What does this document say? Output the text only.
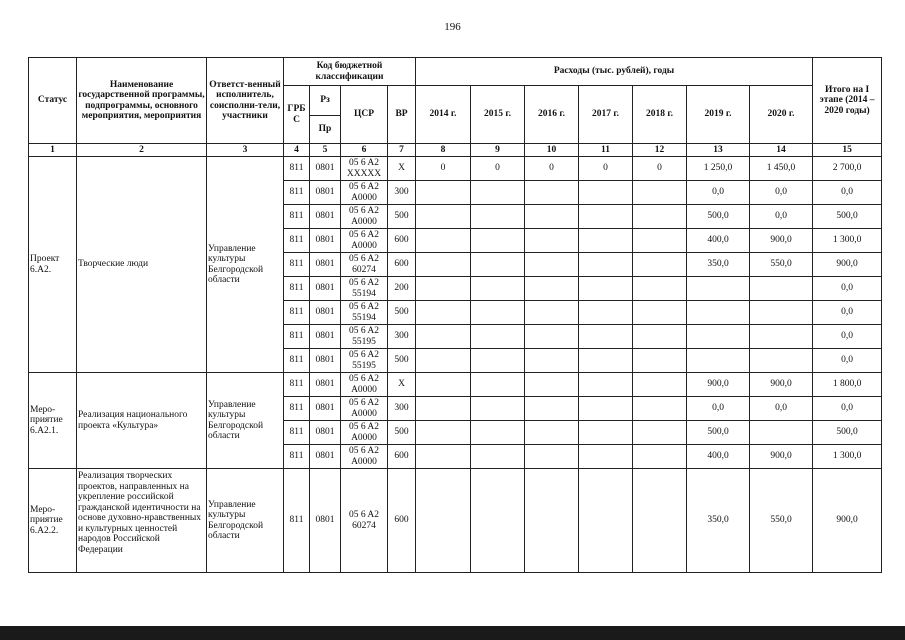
196
Статус	Наименование государственной программы, подпрограммы, основного мероприятия, мероприятия	Ответст-венный исполнитель, соисполни-тели, участники	Код бюджетной классификации				Расходы (тыс. рублей), годы							Итого на I этапе (2014 – 2020 годы)
			ГРБ С	Рз	ЦСР	ВР	2014 г.	2015 г.	2016 г.	2017 г.	2018 г.	2019 г.	2020 г.	
				Пр										
1	2	3	4	5	6	7	8	9	10	11	12	13	14	15
Проект 6.А2.	Творческие люди	Управление культуры Белгородской области	811	0801	05 6 A2 XXXXX	X	0	0	0	0	0	1 250,0	1 450,0	2 700,0
			811	0801	05 6 A2 A0000	300						0,0	0,0	0,0
			811	0801	05 6 A2 A0000	500						500,0	0,0	500,0
			811	0801	05 6 A2 A0000	600						400,0	900,0	1 300,0
			811	0801	05 6 A2 60274	600						350,0	550,0	900,0
			811	0801	05 6 A2 55194	200								0,0
			811	0801	05 6 A2 55194	500								0,0
			811	0801	05 6 A2 55195	300								0,0
			811	0801	05 6 A2 55195	500								0,0
Меро-приятие 6.А2.1.	Реализация национального проекта «Культура»	Управление культуры Белгородской области	811	0801	05 6 A2 A0000	X						900,0	900,0	1 800,0
			811	0801	05 6 A2 A0000	300						0,0	0,0	0,0
			811	0801	05 6 A2 A0000	500						500,0		500,0
			811	0801	05 6 A2 A0000	600						400,0	900,0	1 300,0
Меро-приятие 6.А2.2.	Реализация творческих проектов, направленных на укрепление российской гражданской идентичности на основе духовно-нравственных и культурных ценностей народов Российской Федерации	Управление культуры Белгородской области	811	0801	05 6 A2 60274	600						350,0	550,0	900,0
